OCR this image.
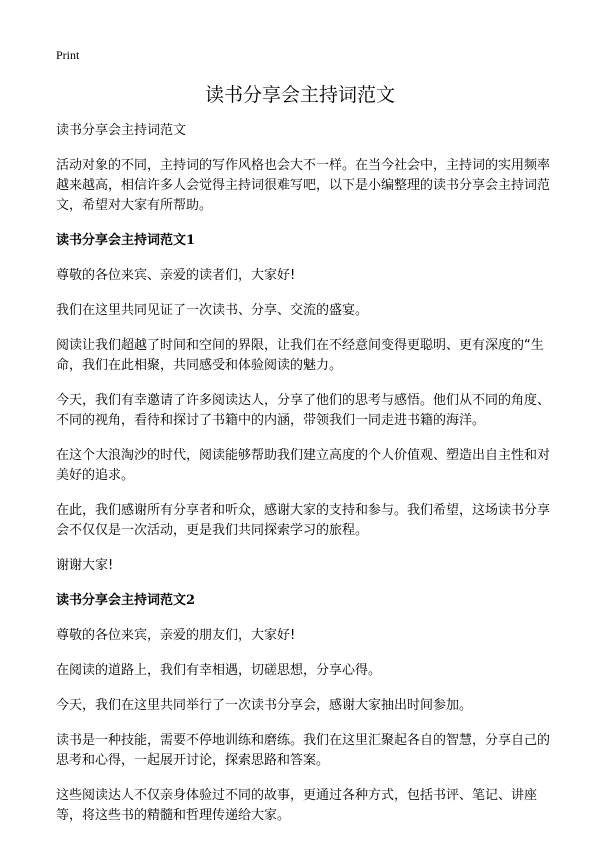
Print
读书分享会主持词范文

读书分享会主持词范文

活动对象的不同，主持词的写作风格也会大不一样。在当今社会中，主持词的实用频率越来越高，相信许多人会觉得主持词很难写吧，以下是小编整理的读书分享会主持词范文，希望对大家有所帮助。

读书分享会主持词范文1

尊敬的各位来宾、亲爱的读者们，大家好!

我们在这里共同见证了一次读书、分享、交流的盛宴。

阅读让我们超越了时间和空间的界限，让我们在不经意间变得更聪明、更有深度的“生命，我们在此相聚，共同感受和体验阅读的魅力。

今天，我们有幸邀请了许多阅读达人，分享了他们的思考与感悟。他们从不同的角度、不同的视角，看待和探讨了书籍中的内涵，带领我们一同走进书籍的海洋。

在这个大浪淘沙的时代，阅读能够帮助我们建立高度的个人价值观、塑造出自主性和对美好的追求。

在此，我们感谢所有分享者和听众，感谢大家的支持和参与。我们希望，这场读书分享会不仅仅是一次活动，更是我们共同探索学习的旅程。

谢谢大家!

读书分享会主持词范文2

尊敬的各位来宾，亲爱的朋友们，大家好!

在阅读的道路上，我们有幸相遇，切磋思想，分享心得。

今天，我们在这里共同举行了一次读书分享会，感谢大家抽出时间参加。

读书是一种技能，需要不停地训练和磨练。我们在这里汇聚起各自的智慧，分享自己的思考和心得，一起展开讨论，探索思路和答案。

这些阅读达人不仅亲身体验过不同的故事，更通过各种方式，包括书评、笔记、讲座等，将这些书的精髓和哲理传递给大家。
